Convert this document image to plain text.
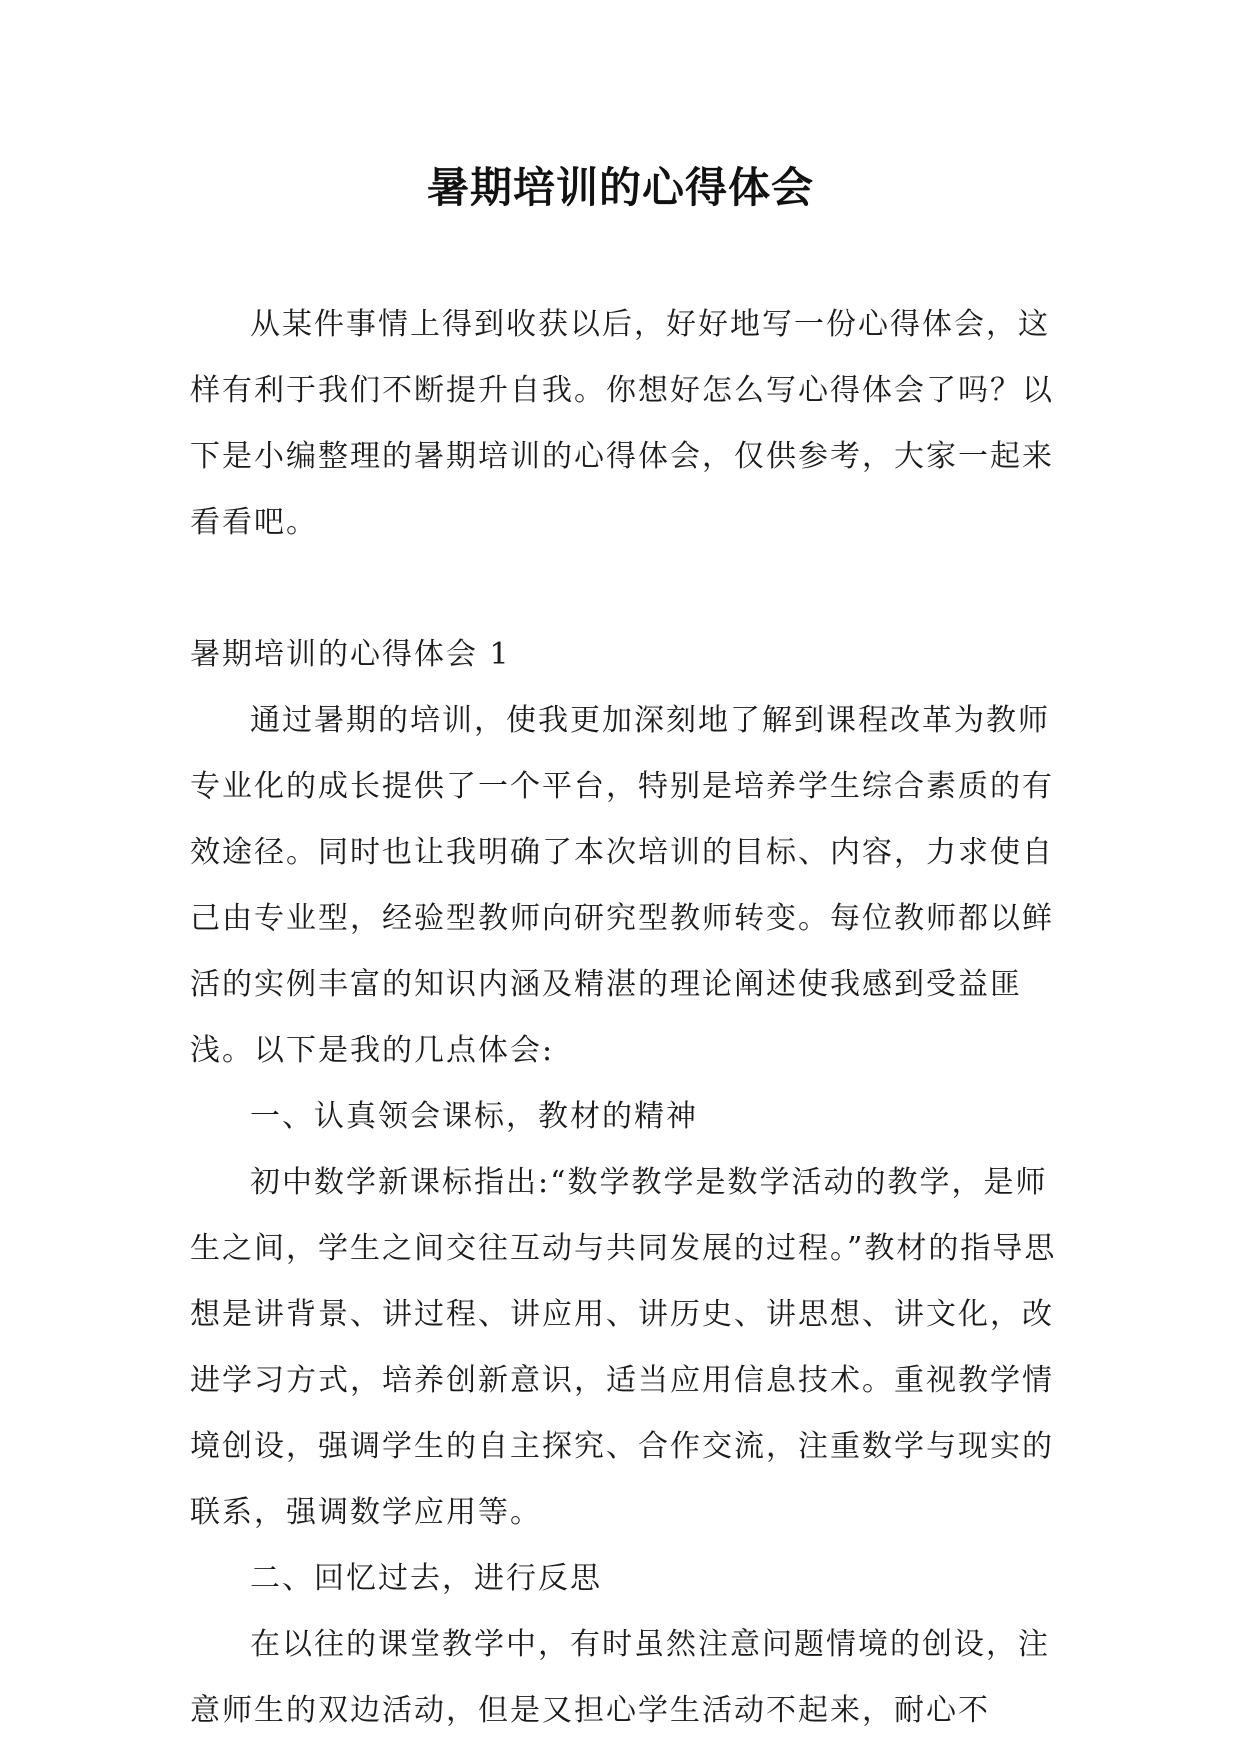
暑期培训的心得体会

从某件事情上得到收获以后，好好地写一份心得体会，这样有利于我们不断提升自我。你想好怎么写心得体会了吗？以下是小编整理的暑期培训的心得体会，仅供参考，大家一起来看看吧。

暑期培训的心得体会 1

通过暑期的培训，使我更加深刻地了解到课程改革为教师专业化的成长提供了一个平台，特别是培养学生综合素质的有效途径。同时也让我明确了本次培训的目标、内容，力求使自己由专业型，经验型教师向研究型教师转变。每位教师都以鲜活的实例丰富的知识内涵及精湛的理论阐述使我感到受益匪浅。以下是我的几点体会:

一、认真领会课标，教材的精神

初中数学新课标指出:“数学教学是数学活动的教学，是师生之间，学生之间交往互动与共同发展的过程。”教材的指导思想是讲背景、讲过程、讲应用、讲历史、讲思想、讲文化，改进学习方式，培养创新意识，适当应用信息技术。重视教学情境创设，强调学生的自主探究、合作交流，注重数学与现实的联系，强调数学应用等。

二、回忆过去，进行反思

在以往的课堂教学中，有时虽然注意问题情境的创设，注意师生的双边活动，但是又担心学生活动不起来，耐心不
